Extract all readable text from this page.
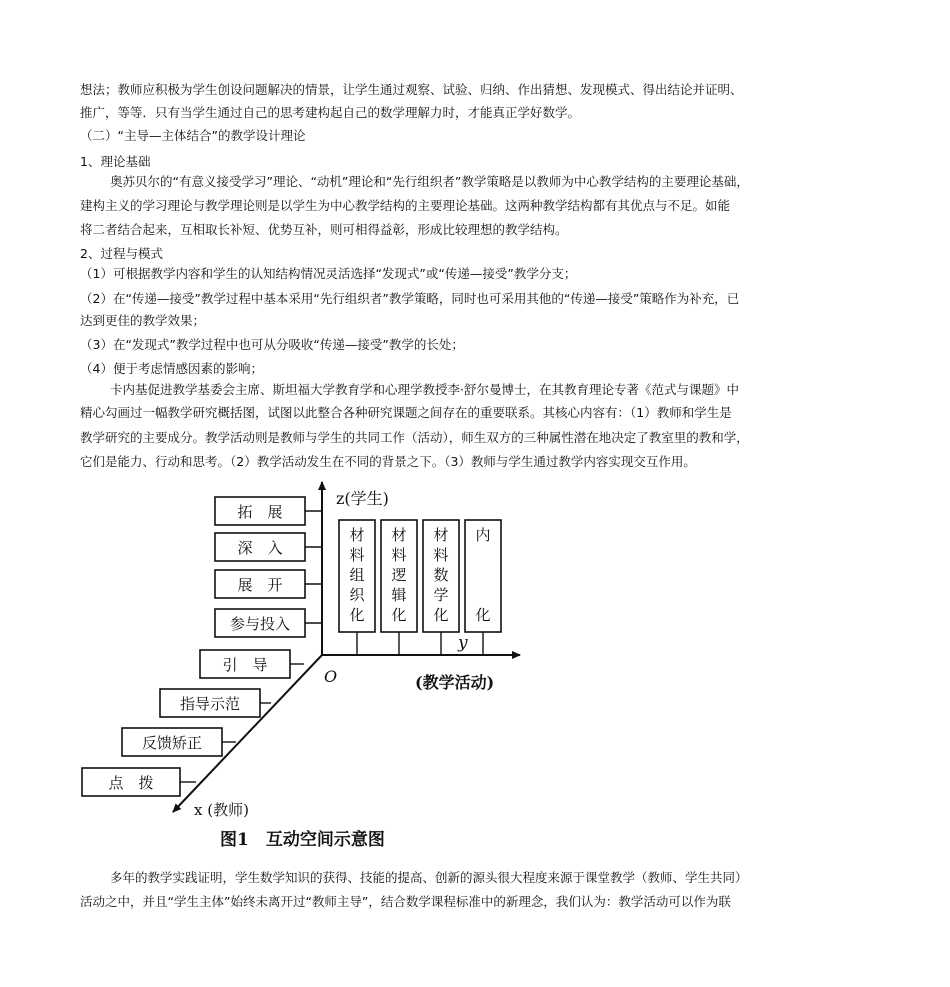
想法；教师应积极为学生创设问题解决的情景，让学生通过观察、试验、归纳、作出猜想、发现模式、得出结论并证明、
推广，等等．只有当学生通过自己的思考建构起自己的数学理解力时，才能真正学好数学。
（二）“主导—主体结合”的教学设计理论
1、理论基础
奥苏贝尔的“有意义接受学习”理论、“动机”理论和“先行组织者”教学策略是以教师为中心教学结构的主要理论基础，
建构主义的学习理论与教学理论则是以学生为中心教学结构的主要理论基础。这两种教学结构都有其优点与不足。如能
将二者结合起来，互相取长补短、优势互补，则可相得益彰，形成比较理想的教学结构。
2、过程与模式
（1）可根据教学内容和学生的认知结构情况灵活选择“发现式”或“传递—接受”教学分支；
（2）在“传递—接受”教学过程中基本采用“先行组织者”教学策略，同时也可采用其他的“传递—接受”策略作为补充，已
达到更佳的教学效果；
（3）在“发现式”教学过程中也可从分吸收“传递—接受”教学的长处；
（4）便于考虑情感因素的影响；
卡内基促进教学基委会主席、斯坦福大学教育学和心理学教授李·舒尔曼博士，在其教育理论专著《范式与课题》中
精心勾画过一幅教学研究概括图，试图以此整合各种研究课题之间存在的重要联系。其核心内容有：（1）教师和学生是
教学研究的主要成分。教学活动则是教师与学生的共同工作（活动），师生双方的三种属性潜在地决定了教室里的教和学，
它们是能力、行动和思考。（2）教学活动发生在不同的背景之下。（3）教师与学生通过教学内容实现交互作用。
多年的教学实践证明，学生数学知识的获得、技能的提高、创新的源头很大程度来源于课堂教学（教师、学生共同）
活动之中，并且“学生主体”始终未离开过“教师主导”，结合数学课程标准中的新理念，我们认为：教学活动可以作为联
z(学生)
y
(教学活动)
O
x (教师)
图1　互动空间示意图
拓　展
深　入
展　开
参与投入
引　导
指导示范
反馈矫正
点　拨
材
料
组
织
化
材
料
逻
辑
化
材
料
数
学
化
内
化
